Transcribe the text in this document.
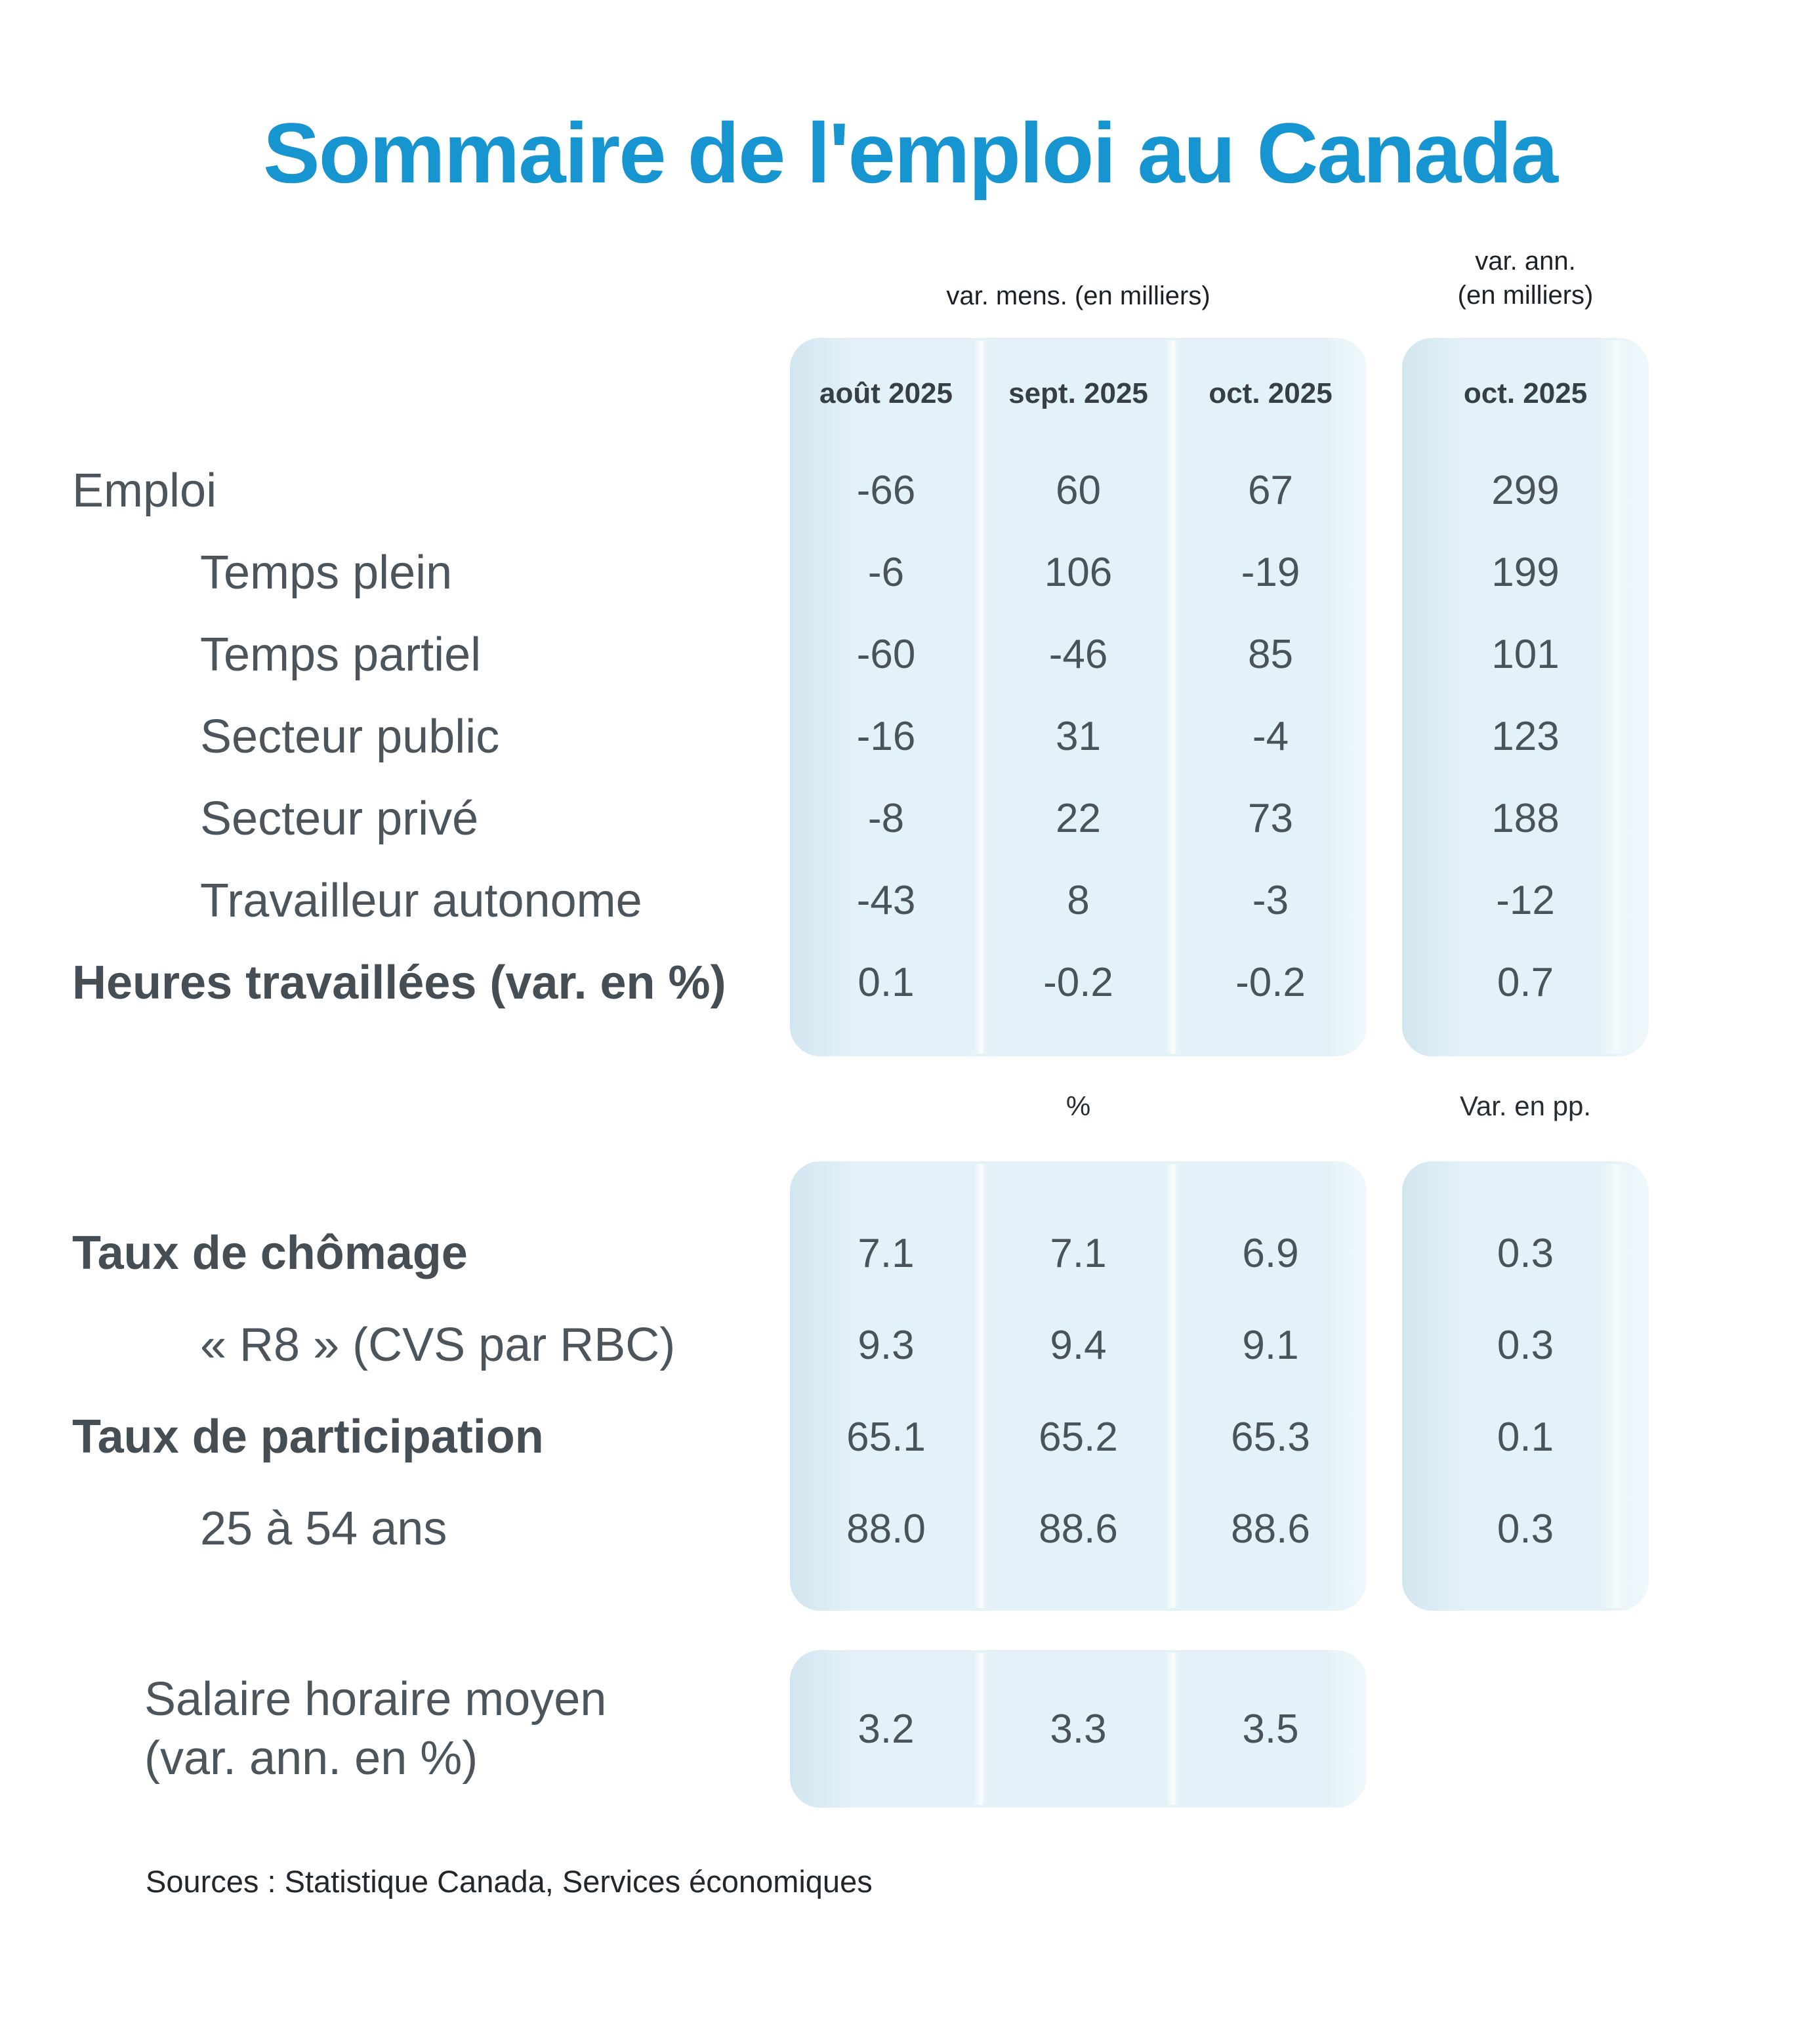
Sommaire de l'emploi au Canada
var. mens. (en milliers)
var. ann.
(en milliers)
août 2025	sept. 2025	oct. 2025	oct. 2025
Emploi	-66	60	67	299
Temps plein	-6	106	-19	199
Temps partiel	-60	-46	85	101
Secteur public	-16	31	-4	123
Secteur privé	-8	22	73	188
Travailleur autonome	-43	8	-3	-12
Heures travaillées (var. en %)	0.1	-0.2	-0.2	0.7
%	Var. en pp.
Taux de chômage	7.1	7.1	6.9	0.3
« R8 » (CVS par RBC)	9.3	9.4	9.1	0.3
Taux de participation	65.1	65.2	65.3	0.1
25 à 54 ans	88.0	88.6	88.6	0.3
Salaire horaire moyen
(var. ann. en %)
3.2	3.3	3.5
Sources : Statistique Canada, Services économiques
